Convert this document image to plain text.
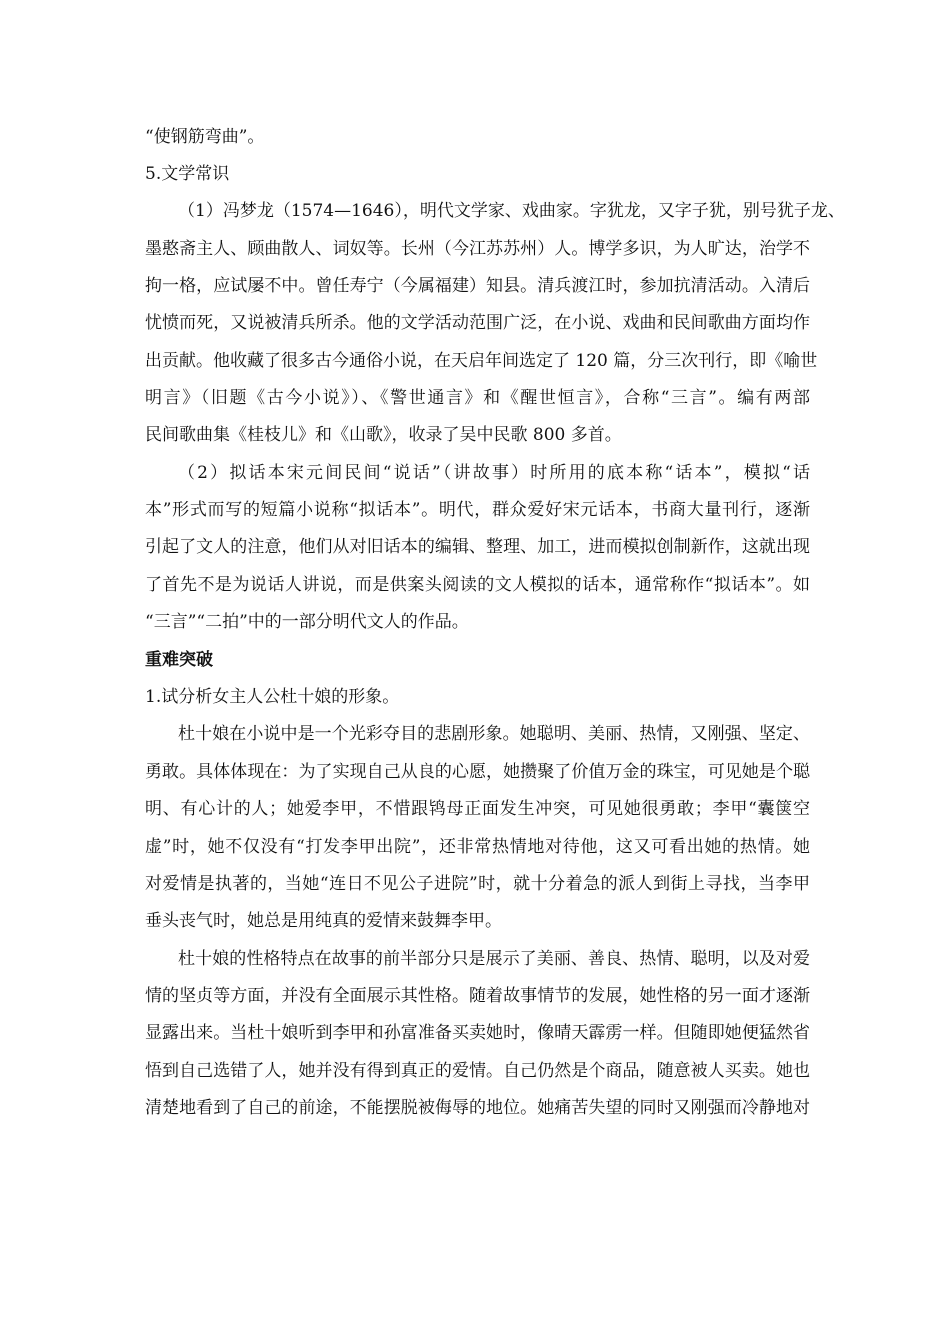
“使钢筋弯曲”。
5.文学常识
（1）冯梦龙（1574—1646），明代文学家、戏曲家。字犹龙，又字子犹，别号犹子龙、
墨憨斋主人、顾曲散人、词奴等。长州（今江苏苏州）人。博学多识，为人旷达，治学不
拘一格，应试屡不中。曾任寿宁（今属福建）知县。清兵渡江时，参加抗清活动。入清后
忧愤而死，又说被清兵所杀。他的文学活动范围广泛，在小说、戏曲和民间歌曲方面均作
出贡献。他收藏了很多古今通俗小说，在天启年间选定了 120 篇，分三次刊行，即《喻世
明言》（旧题《古今小说》）、《警世通言》和《醒世恒言》，合称“三言”。编有两部
民间歌曲集《桂枝儿》和《山歌》，收录了吴中民歌 800 多首。
（2）拟话本宋元间民间“说话”（讲故事）时所用的底本称“话本”，模拟“话
本”形式而写的短篇小说称“拟话本”。明代，群众爱好宋元话本，书商大量刊行，逐渐
引起了文人的注意，他们从对旧话本的编辑、整理、加工，进而模拟创制新作，这就出现
了首先不是为说话人讲说，而是供案头阅读的文人模拟的话本，通常称作“拟话本”。如
“三言”“二拍”中的一部分明代文人的作品。
重难突破
1.试分析女主人公杜十娘的形象。
杜十娘在小说中是一个光彩夺目的悲剧形象。她聪明、美丽、热情，又刚强、坚定、
勇敢。具体体现在：为了实现自己从良的心愿，她攒聚了价值万金的珠宝，可见她是个聪
明、有心计的人；她爱李甲，不惜跟鸨母正面发生冲突，可见她很勇敢；李甲“囊箧空
虚”时，她不仅没有“打发李甲出院”，还非常热情地对待他，这又可看出她的热情。她
对爱情是执著的，当她“连日不见公子进院”时，就十分着急的派人到街上寻找，当李甲
垂头丧气时，她总是用纯真的爱情来鼓舞李甲。
杜十娘的性格特点在故事的前半部分只是展示了美丽、善良、热情、聪明，以及对爱
情的坚贞等方面，并没有全面展示其性格。随着故事情节的发展，她性格的另一面才逐渐
显露出来。当杜十娘听到李甲和孙富准备买卖她时，像晴天霹雳一样。但随即她便猛然省
悟到自己选错了人，她并没有得到真正的爱情。自己仍然是个商品，随意被人买卖。她也
清楚地看到了自己的前途，不能摆脱被侮辱的地位。她痛苦失望的同时又刚强而冷静地对
